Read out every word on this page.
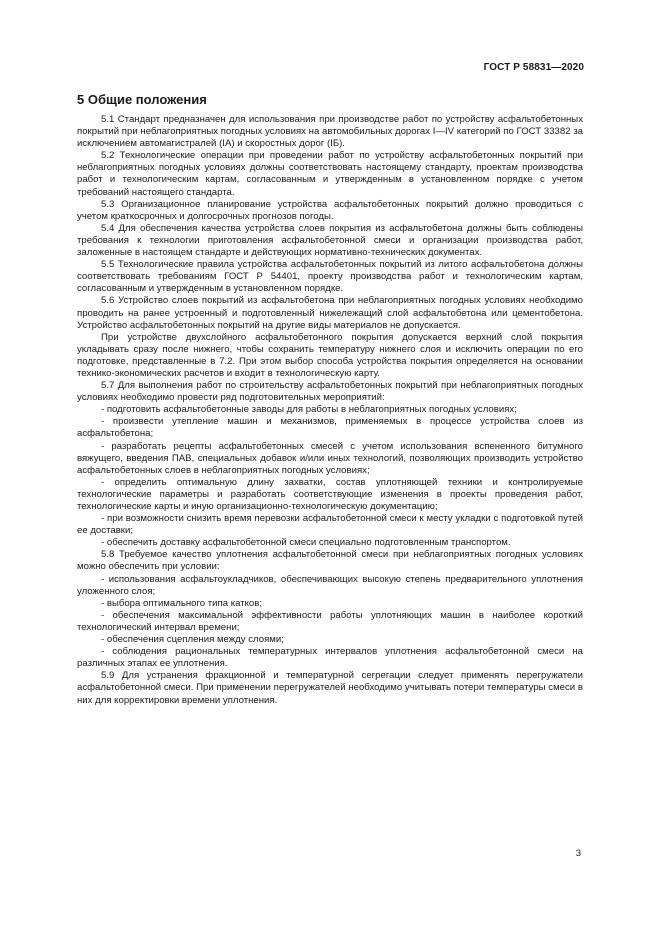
ГОСТ Р 58831—2020
5 Общие положения

5.1 Стандарт предназначен для использования при производстве работ по устройству асфальтобетонных покрытий при неблагоприятных погодных условиях на автомобильных дорогах I—IV категорий по ГОСТ 33382 за исключением автомагистралей (IA) и скоростных дорог (IБ).

5.2 Технологические операции при проведении работ по устройству асфальтобетонных покрытий при неблагоприятных погодных условиях должны соответствовать настоящему стандарту, проектам производства работ и технологическим картам, согласованным и утвержденным в установленном порядке с учетом требований настоящего стандарта.

5.3 Организационное планирование устройства асфальтобетонных покрытий должно проводиться с учетом краткосрочных и долгосрочных прогнозов погоды.

5.4 Для обеспечения качества устройства слоев покрытия из асфальтобетона должны быть соблюдены требования к технологии приготовления асфальтобетонной смеси и организации производства работ, заложенные в настоящем стандарте и действующих нормативно-технических документах.

5.5 Технологические правила устройства асфальтобетонных покрытий из литого асфальтобетона должны соответствовать требованиям ГОСТ Р 54401, проекту производства работ и технологическим картам, согласованным и утвержденным в установленном порядке.

5.6 Устройство слоев покрытий из асфальтобетона при неблагоприятных погодных условиях необходимо проводить на ранее устроенный и подготовленный нижележащий слой асфальтобетона или цементобетона. Устройство асфальтобетонных покрытий на другие виды материалов не допускается.

При устройстве двухслойного асфальтобетонного покрытия допускается верхний слой покрытия укладывать сразу после нижнего, чтобы сохранить температуру нижнего слоя и исключить операции по его подготовке, представленные в 7.2. При этом выбор способа устройства покрытия определяется на основании технико-экономических расчетов и входит в технологическую карту.

5.7 Для выполнения работ по строительству асфальтобетонных покрытий при неблагоприятных погодных условиях необходимо провести ряд подготовительных мероприятий:

- подготовить асфальтобетонные заводы для работы в неблагоприятных погодных условиях;

- произвести утепление машин и механизмов, применяемых в процессе устройства слоев из асфальтобетона;

- разработать рецепты асфальтобетонных смесей с учетом использования вспененного битумного вяжущего, введения ПАВ, специальных добавок и/или иных технологий, позволяющих производить устройство асфальтобетонных слоев в неблагоприятных погодных условиях;

- определить оптимальную длину захватки, состав уплотняющей техники и контролируемые технологические параметры и разработать соответствующие изменения в проекты проведения работ, технологические карты и иную организационно-технологическую документацию;

- при возможности снизить время перевозки асфальтобетонной смеси к месту укладки с подготовкой путей ее доставки;

- обеспечить доставку асфальтобетонной смеси специально подготовленным транспортом.

5.8 Требуемое качество уплотнения асфальтобетонной смеси при неблагоприятных погодных условиях можно обеспечить при условии:

- использования асфальтоукладчиков, обеспечивающих высокую степень предварительного уплотнения уложенного слоя;

- выбора оптимального типа катков;

- обеспечения максимальной эффективности работы уплотняющих машин в наиболее короткий технологический интервал времени;

- обеспечения сцепления между слоями;

- соблюдения рациональных температурных интервалов уплотнения асфальтобетонной смеси на различных этапах ее уплотнения.

5.9 Для устранения фракционной и температурной сегрегации следует применять перегружатели асфальтобетонной смеси. При применении перегружателей необходимо учитывать потери температуры смеси в них для корректировки времени уплотнения.

3
